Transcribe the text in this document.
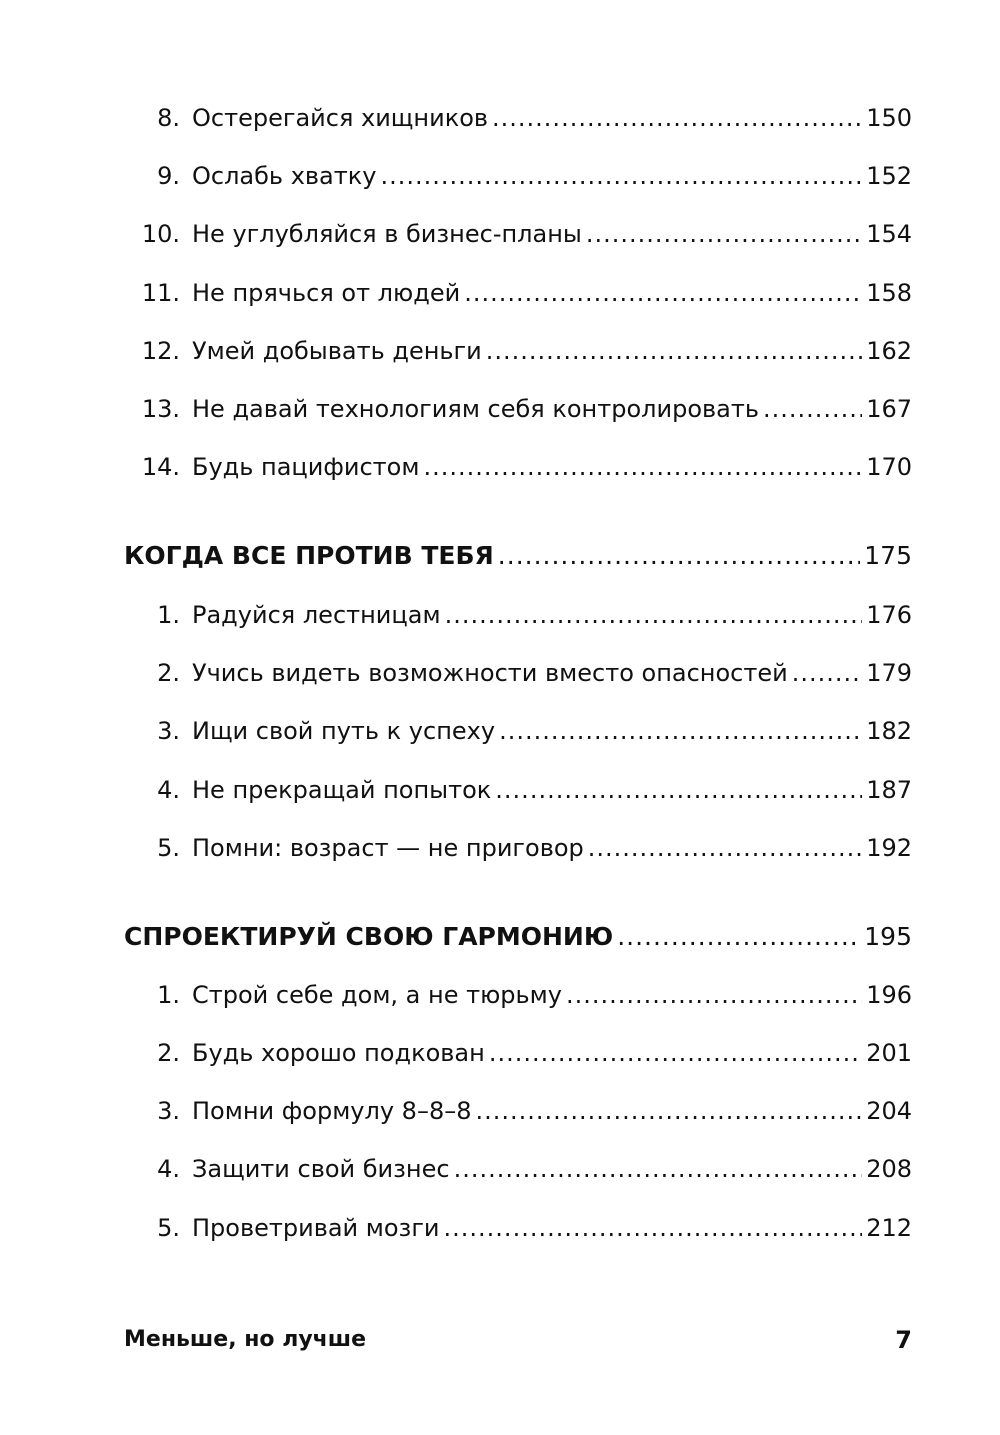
8. Остерегайся хищников .....	150
9. Ослабь хватку .....	152
10. Не углубляйся в бизнес-планы .....	154
11. Не прячься от людей .....	158
12. Умей добывать деньги .....	162
13. Не давай технологиям себя контролировать .....	167
14. Будь пацифистом .....	170
КОГДА ВСЕ ПРОТИВ ТЕБЯ .....	175
1. Радуйся лестницам .....	176
2. Учись видеть возможности вместо опасностей .....	179
3. Ищи свой путь к успеху .....	182
4. Не прекращай попыток .....	187
5. Помни: возраст — не приговор .....	192
СПРОЕКТИРУЙ СВОЮ ГАРМОНИЮ .....	195
1. Строй себе дом, а не тюрьму .....	196
2. Будь хорошо подкован .....	201
3. Помни формулу 8–8–8 .....	204
4. Защити свой бизнес .....	208
5. Проветривай мозги .....	212
Меньше, но лучше	7
